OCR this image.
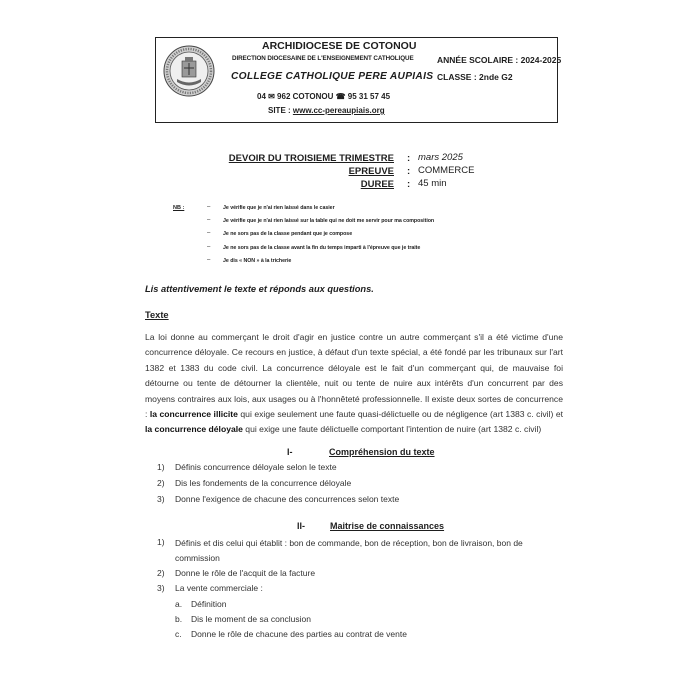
ARCHIDIOCESE DE COTONOU
DIRECTION DIOCESAINE DE L'ENSEIGNEMENT CATHOLIQUE	ANNÉE SCOLAIRE : 2024-2025
COLLEGE CATHOLIQUE PERE AUPIAIS CLASSE : 2nde G2
04 ✉ 962 COTONOU ☎ 95 31 57 45
SITE : www.cc-pereaupiais.org
DEVOIR DU TROISIEME TRIMESTRE : mars 2025
EPREUVE : COMMERCE
DUREE : 45 min
NB :	– Je vérifie que je n'ai rien laissé dans le casier
– Je vérifie que je n'ai rien laissé sur la table qui ne doit me servir pour ma composition
– Je ne sors pas de la classe pendant que je compose
– Je ne sors pas de la classe avant la fin du temps imparti à l'épreuve que je traite
– Je dis « NON » à la tricherie
Lis attentivement le texte et réponds aux questions.
Texte
La loi donne au commerçant le droit d'agir en justice contre un autre commerçant s'il a été victime d'une concurrence déloyale. Ce recours en justice, à défaut d'un texte spécial, a été fondé par les tribunaux sur l'art 1382 et 1383 du code civil. La concurrence déloyale est le fait d'un commerçant qui, de mauvaise foi détourne ou tente de détourner la clientèle, nuit ou tente de nuire aux intérêts d'un concurrent par des moyens contraires aux lois, aux usages ou à l'honnêteté professionnelle. Il existe deux sortes de concurrence : la concurrence illicite qui exige seulement une faute quasi-délictuelle ou de négligence (art 1383 c. civil) et la concurrence déloyale qui exige une faute délictuelle comportant l'intention de nuire (art 1382 c. civil)
I-	Compréhension du texte
1) Définis concurrence déloyale selon le texte
2) Dis les fondements de la concurrence déloyale
3) Donne l'exigence de chacune des concurrences selon texte
II-	Maitrise de connaissances
1) Définis et dis celui qui établit : bon de commande, bon de réception, bon de livraison, bon de commission
2) Donne le rôle de l'acquit de la facture
3) La vente commerciale :
a. Définition
b. Dis le moment de sa conclusion
c. Donne le rôle de chacune des parties au contrat de vente
